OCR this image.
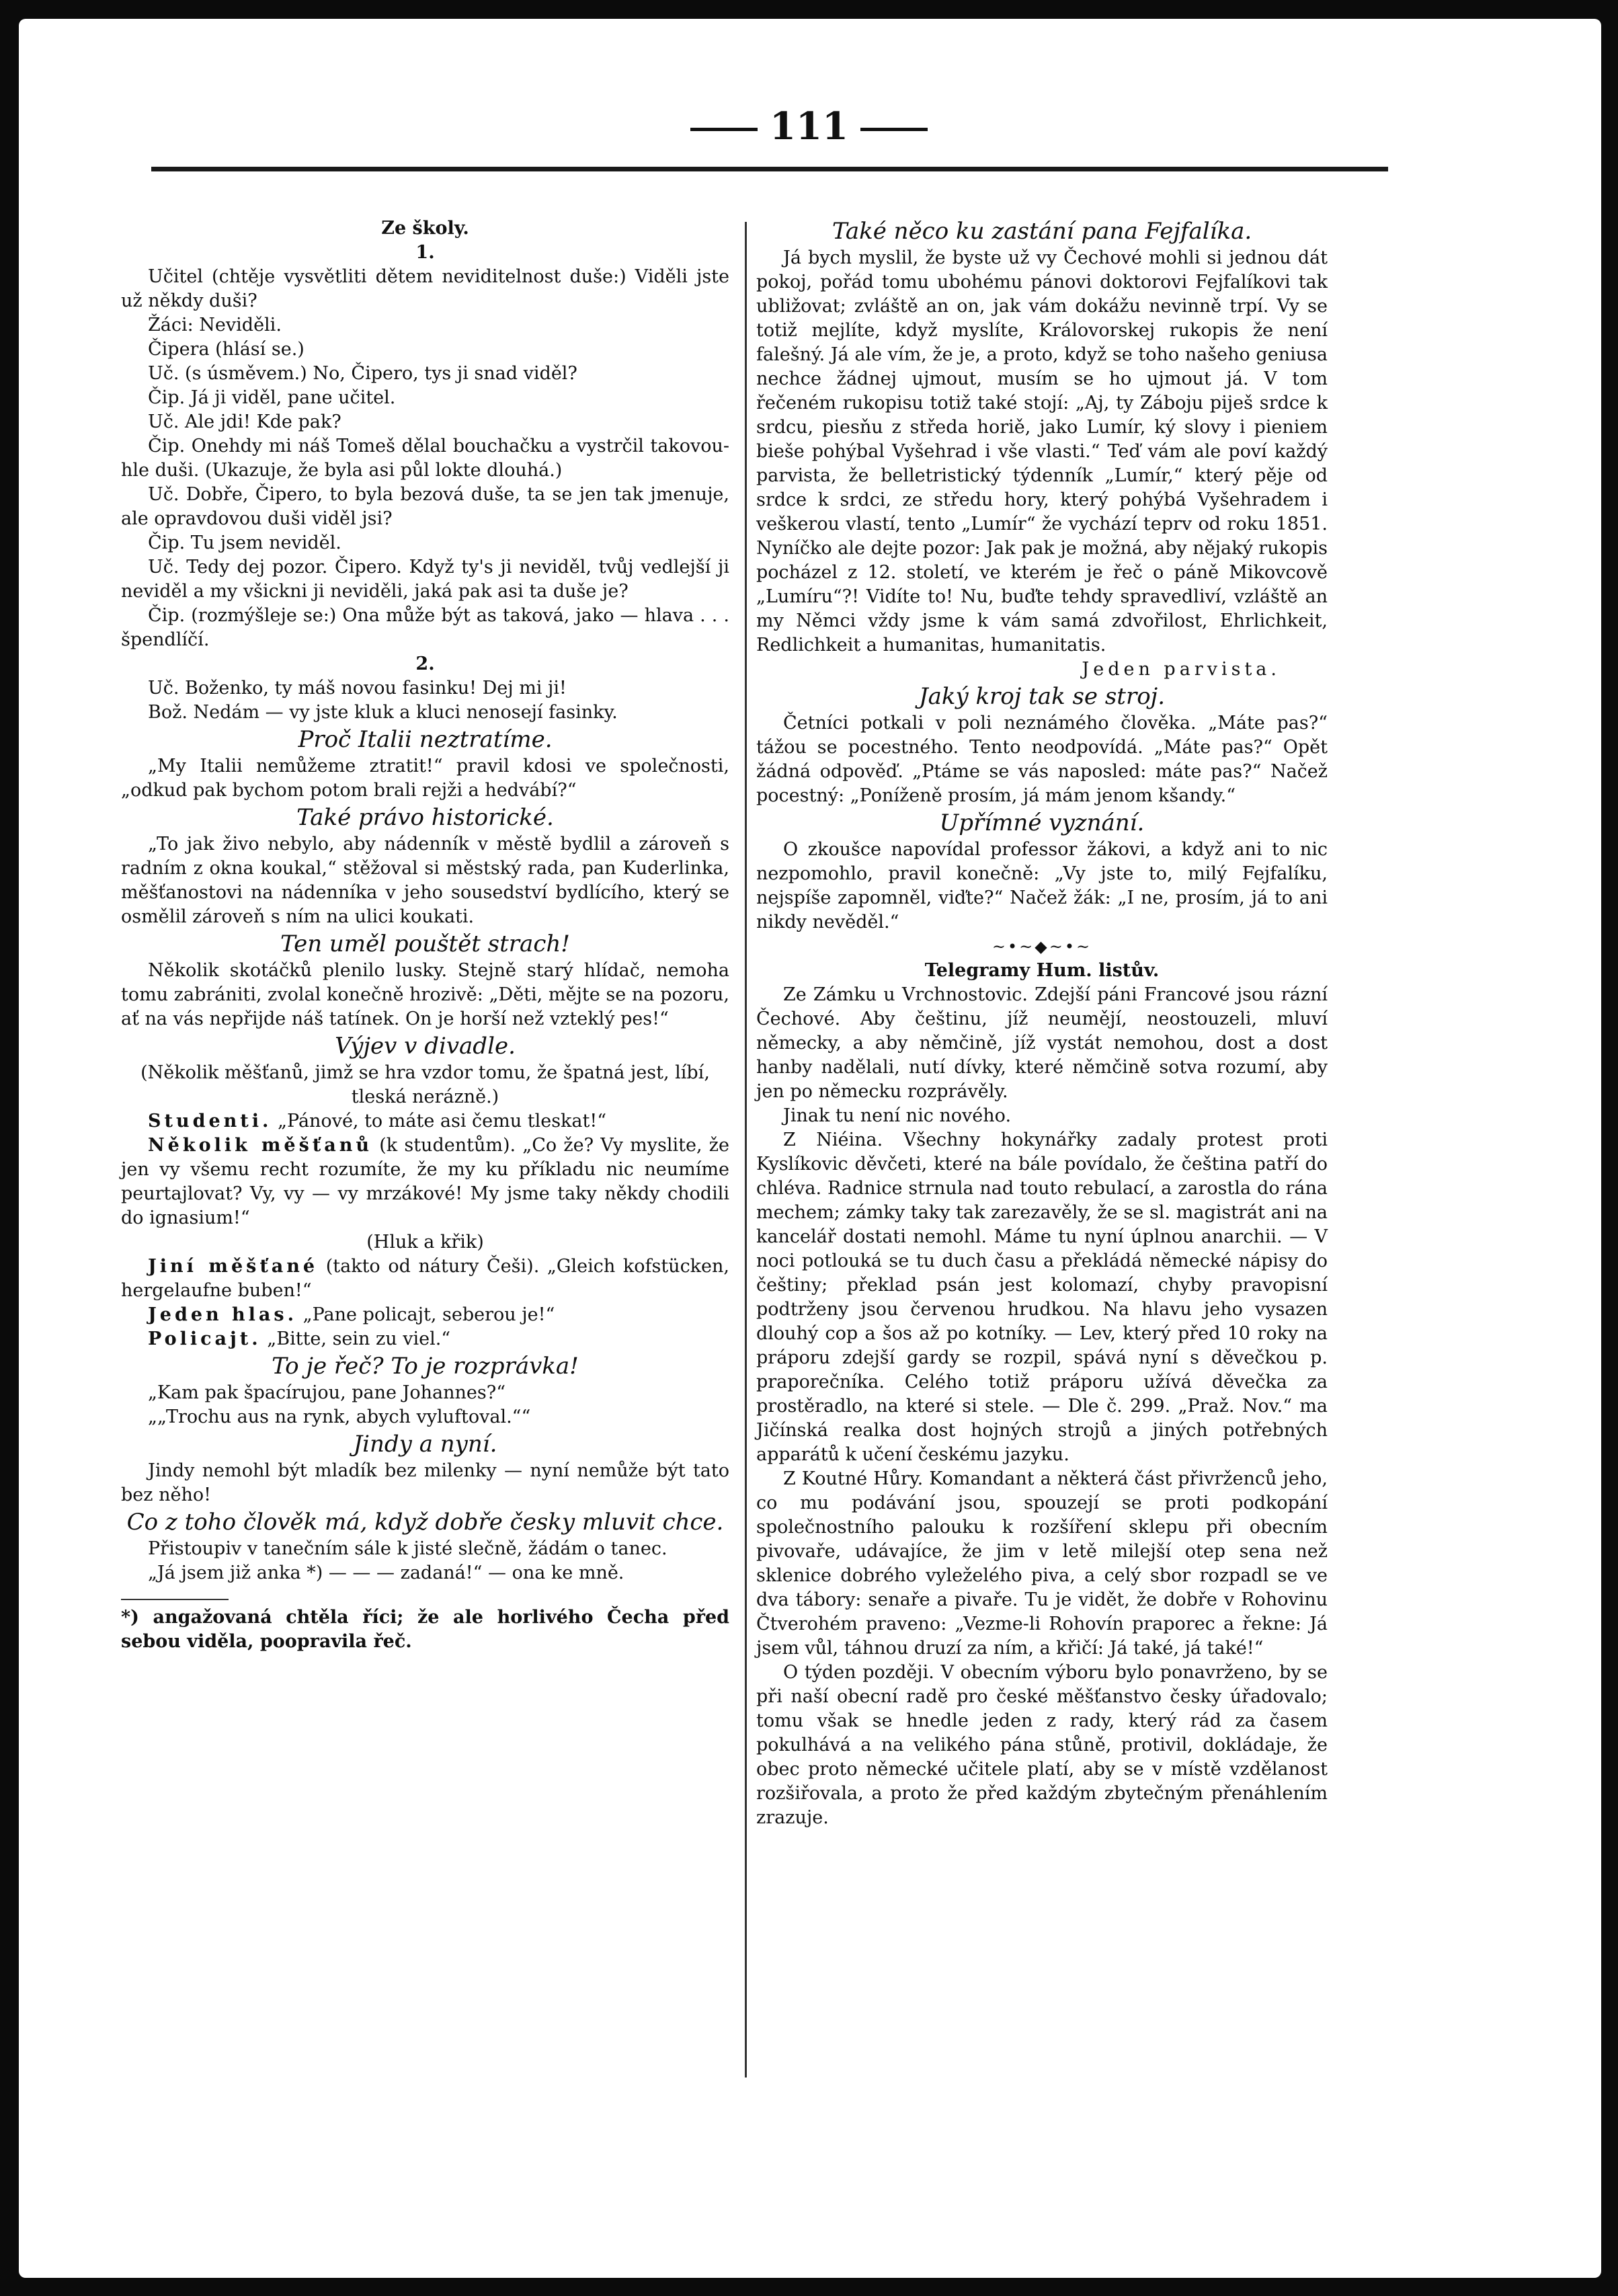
111

Ze školy.

1.

Učitel (chtěje vysvětliti dětem neviditelnost duše:) Viděli jste už někdy duši?

Žáci: Neviděli.

Čipera (hlásí se.)

Uč. (s úsměvem.) No, Čipero, tys ji snad viděl?

Čip. Já ji viděl, pane učitel.

Uč. Ale jdi! Kde pak?

Čip. Onehdy mi náš Tomeš dělal bouchačku a vystrčil takovou-hle duši. (Ukazuje, že byla asi půl lokte dlouhá.)

Uč. Dobře, Čipero, to byla bezová duše, ta se jen tak jmenuje, ale opravdovou duši viděl jsi?

Čip. Tu jsem neviděl.

Uč. Tedy dej pozor. Čipero. Když ty's ji neviděl, tvůj vedlejší ji neviděl a my všickni ji neviděli, jaká pak asi ta duše je?

Čip. (rozmýšleje se:) Ona může být as taková, jako — hlava . . . špendlíčí.

2.

Uč. Boženko, ty máš novou fasinku! Dej mi ji!

Bož. Nedám — vy jste kluk a kluci nenosejí fasinky.

Proč Italii neztratíme.

„My Italii nemůžeme ztratit!“ pravil kdosi ve společnosti, „odkud pak bychom potom brali rejži a hedvábí?“

Také právo historické.

„To jak živo nebylo, aby nádenník v městě bydlil a zároveň s radním z okna koukal,“ stěžoval si městský rada, pan Kuderlinka, měšťanostovi na nádenníka v jeho sousedství bydlícího, který se osmělil zároveň s ním na ulici koukati.

Ten uměl pouštět strach!

Několik skotáčků plenilo lusky. Stejně starý hlídač, nemoha tomu zabrániti, zvolal konečně hrozivě: „Děti, mějte se na pozoru, ať na vás nepřijde náš tatínek. On je horší než vzteklý pes!“

Výjev v divadle.

(Několik měšťanů, jimž se hra vzdor tomu, že špatná jest, líbí, tleská nerázně.)

Studenti. „Pánové, to máte asi čemu tleskat!“

Několik měšťanů (k studentům). „Co že? Vy myslite, že jen vy všemu recht rozumíte, že my ku příkladu nic neumíme peurtajlovat? Vy, vy — vy mrzákové! My jsme taky někdy chodili do ignasium!“

(Hluk a křik)

Jiní měšťané (takto od nátury Češi). „Gleich kofstücken, hergelaufne buben!“

Jeden hlas. „Pane policajt, seberou je!“

Policajt. „Bitte, sein zu viel.“

To je řeč? To je rozprávka!

„Kam pak špacírujou, pane Johannes?“

„„Trochu aus na rynk, abych vyluftoval.““

Jindy a nyní.

Jindy nemohl být mladík bez milenky — nyní nemůže být tato bez něho!

Co z toho člověk má, když dobře česky mluvit chce.

Přistoupiv v tanečním sále k jisté slečně, žádám o tanec.

„Já jsem již anka *) — — — zadaná!“ — ona ke mně.

*) angažovaná chtěla říci; že ale horlivého Čecha před sebou viděla, poopravila řeč.

Také něco ku zastání pana Fejfalíka.

Já bych myslil, že byste už vy Čechové mohli si jednou dát pokoj, pořád tomu ubohému pánovi doktorovi Fejfalíkovi tak ubližovat; zvláště an on, jak vám dokážu nevinně trpí. Vy se totiž mejlíte, když myslíte, Královorskej rukopis že není falešný. Já ale vím, že je, a proto, když se toho našeho geniusa nechce žádnej ujmout, musím se ho ujmout já. V tom řečeném rukopisu totiž také stojí: „Aj, ty Záboju piješ srdce k srdcu, piesňu z středa horiě, jako Lumír, ký slovy i pieniem bieše pohýbal Vyšehrad i vše vlasti.“ Teď vám ale poví každý parvista, že belletristický týdenník „Lumír,“ který pěje od srdce k srdci, ze středu hory, který pohýbá Vyšehradem i veškerou vlastí, tento „Lumír“ že vychází teprv od roku 1851. Nyníčko ale dejte pozor: Jak pak je možná, aby nějaký rukopis pocházel z 12. století, ve kterém je řeč o páně Mikovcově „Lumíru“?! Vidíte to! Nu, buďte tehdy spravedliví, vzláště an my Němci vždy jsme k vám samá zdvořilost, Ehrlichkeit, Redlichkeit a humanitas, humanitatis.

Jeden parvista.

Jaký kroj tak se stroj.

Četníci potkali v poli neznámého člověka. „Máte pas?“ tážou se pocestného. Tento neodpovídá. „Máte pas?“ Opět žádná odpověď. „Ptáme se vás naposled: máte pas?“ Načež pocestný: „Poníženě prosím, já mám jenom kšandy.“

Upřímné vyznání.

O zkoušce napovídal professor žákovi, a když ani to nic nezpomohlo, pravil konečně: „Vy jste to, milý Fejfalíku, nejspíše zapomněl, viďte?“ Načež žák: „I ne, prosím, já to ani nikdy nevěděl.“

~•~◆~•~

Telegramy Hum. listův.

Ze Zámku u Vrchnostovic. Zdejší páni Francové jsou rázní Čechové. Aby češtinu, jíž neumějí, neostouzeli, mluví německy, a aby němčině, jíž vystát nemohou, dost a dost hanby nadělali, nutí dívky, které němčině sotva rozumí, aby jen po německu rozprávěly.

Jinak tu není nic nového.

Z Niéina. Všechny hokynářky zadaly protest proti Kyslíkovic děvčeti, které na bále povídalo, že čeština patří do chléva. Radnice strnula nad touto rebulací, a zarostla do rána mechem; zámky taky tak zarezavěly, že se sl. magistrát ani na kancelář dostati nemohl. Máme tu nyní úplnou anarchii. — V noci potlouká se tu duch času a překládá německé nápisy do češtiny; překlad psán jest kolomazí, chyby pravopisní podtrženy jsou červenou hrudkou. Na hlavu jeho vysazen dlouhý cop a šos až po kotníky. — Lev, který před 10 roky na práporu zdejší gardy se rozpil, spává nyní s děvečkou p. praporečníka. Celého totiž práporu užívá děvečka za prostěradlo, na které si stele. — Dle č. 299. „Praž. Nov.“ ma Jičínská realka dost hojných strojů a jiných potřebných apparátů k učení českému jazyku.

Z Koutné Hůry. Komandant a některá část přivrženců jeho, co mu podávání jsou, spouzejí se proti podkopání společnostního palouku k rozšíření sklepu při obecním pivovaře, udávajíce, že jim v letě milejší otep sena než sklenice dobrého vyleželého piva, a celý sbor rozpadl se ve dva tábory: senaře a pivaře. Tu je vidět, že dobře v Rohovinu Čtverohém praveno: „Vezme-li Rohovín praporec a řekne: Já jsem vůl, táhnou druzí za ním, a křičí: Já také, já také!“

O týden později. V obecním výboru bylo ponavrženo, by se při naší obecní radě pro české měšťanstvo česky úřadovalo; tomu však se hnedle jeden z rady, který rád za časem pokulhává a na velikého pána stůně, protivil, dokládaje, že obec proto německé učitele platí, aby se v místě vzdělanost rozšiřovala, a proto že před každým zbytečným přenáhlením zrazuje.
